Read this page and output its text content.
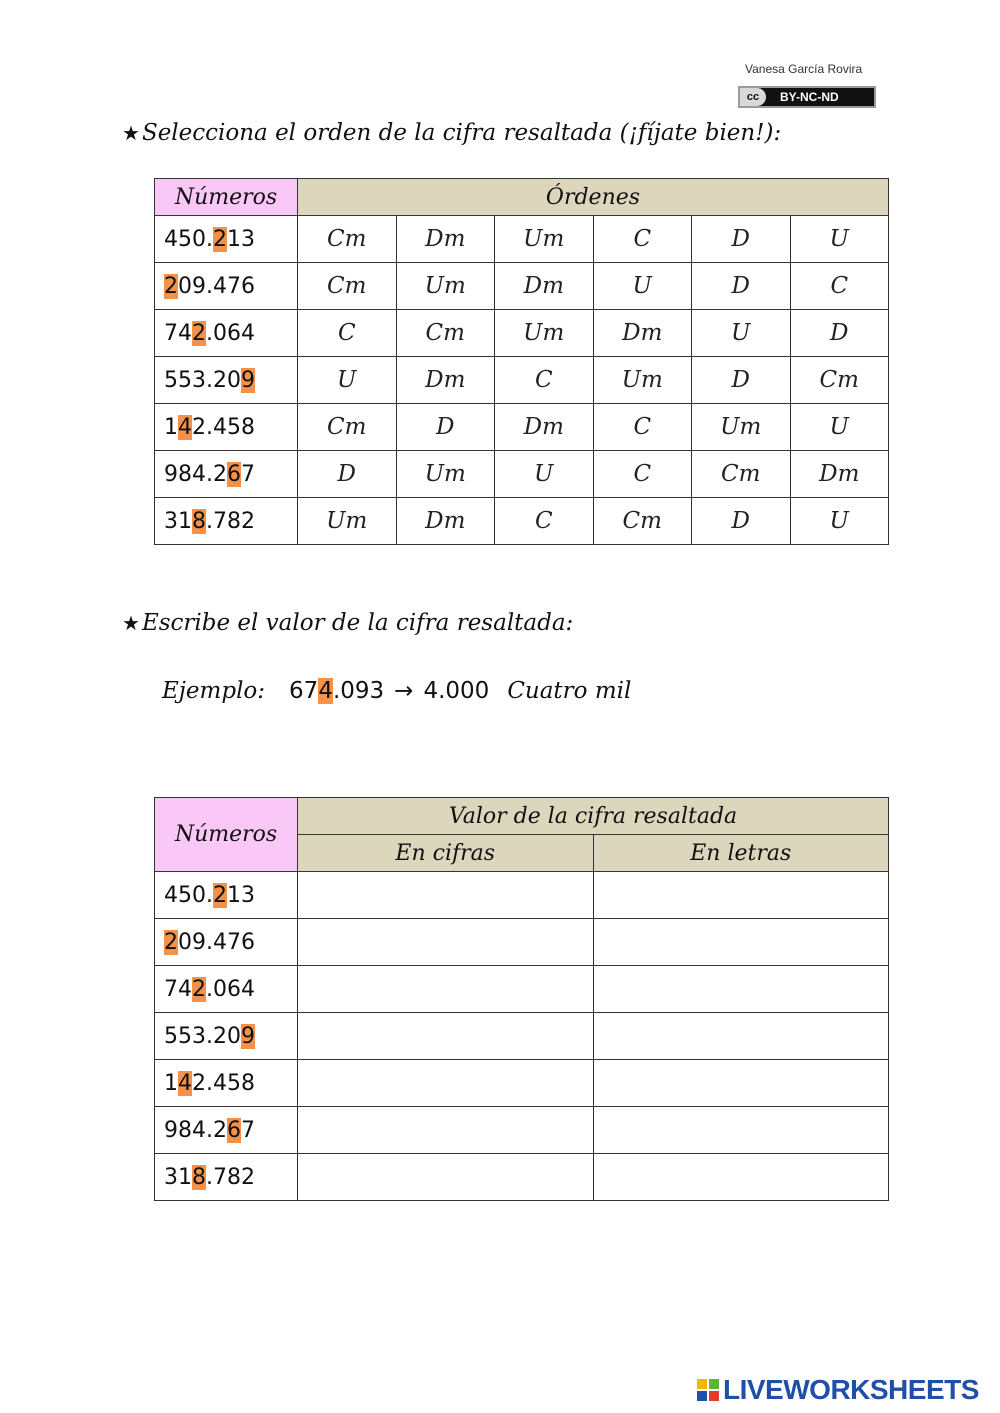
Vanesa García Rovira
cc	BY-NC-ND
★Selecciona el orden de la cifra resaltada (¡fíjate bien!):
Números	Órdenes					
450.213	Cm	Dm	Um	C	D	U
209.476	Cm	Um	Dm	U	D	C
742.064	C	Cm	Um	Dm	U	D
553.209	U	Dm	C	Um	D	Cm
142.458	Cm	D	Dm	C	Um	U
984.267	D	Um	U	C	Cm	Dm
318.782	Um	Dm	C	Cm	D	U
★Escribe el valor de la cifra resaltada:
Ejemplo: 674.093 → 4.000 Cuatro mil
Números	Valor de la cifra resaltada	
	En cifras	En letras
450.213		
209.476		
742.064		
553.209		
142.458		
984.267		
318.782		
LIVEWORKSHEETS
